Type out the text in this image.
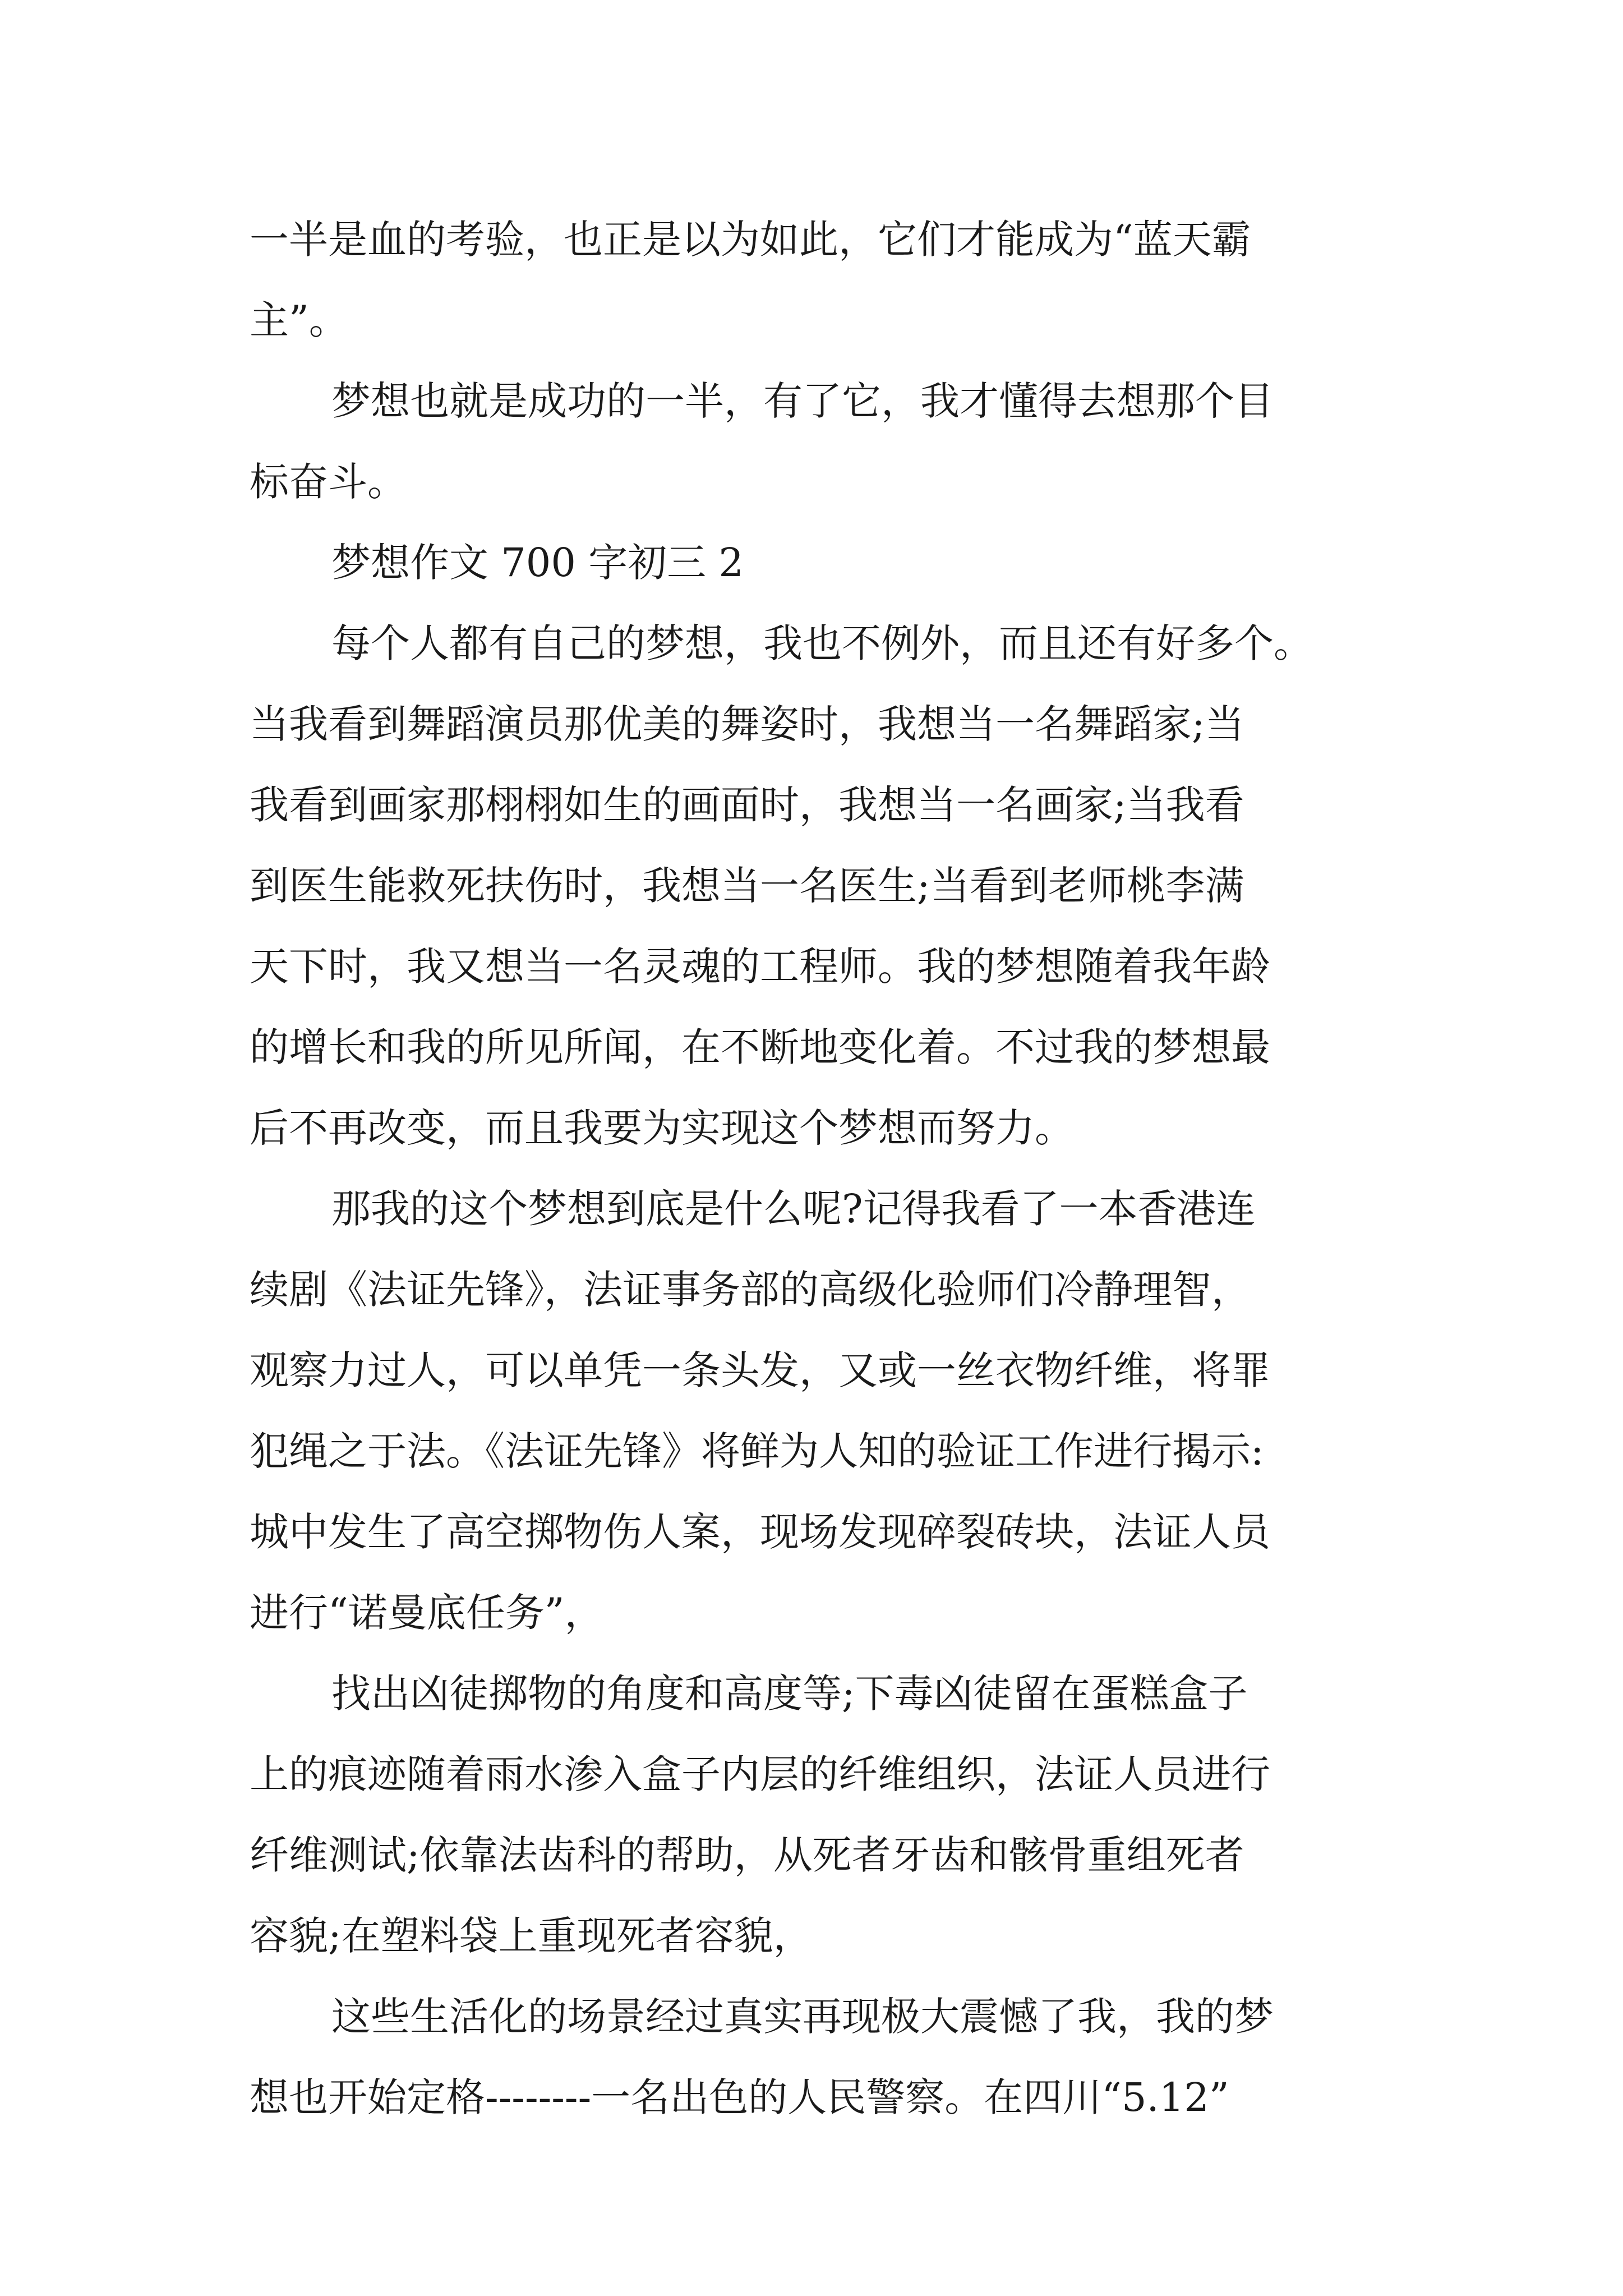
一半是血的考验，也正是以为如此，它们才能成为“蓝天霸
主”。

梦想也就是成功的一半，有了它，我才懂得去想那个目
标奋斗。

梦想作文 700 字初三 2

每个人都有自己的梦想，我也不例外，而且还有好多个。
当我看到舞蹈演员那优美的舞姿时，我想当一名舞蹈家;当
我看到画家那栩栩如生的画面时，我想当一名画家;当我看
到医生能救死扶伤时，我想当一名医生;当看到老师桃李满
天下时，我又想当一名灵魂的工程师。我的梦想随着我年龄
的增长和我的所见所闻，在不断地变化着。不过我的梦想最
后不再改变，而且我要为实现这个梦想而努力。

那我的这个梦想到底是什么呢?记得我看了一本香港连
续剧《法证先锋》，法证事务部的高级化验师们冷静理智，
观察力过人，可以单凭一条头发，又或一丝衣物纤维，将罪
犯绳之于法。《法证先锋》将鲜为人知的验证工作进行揭示:
城中发生了高空掷物伤人案，现场发现碎裂砖块，法证人员
进行“诺曼底任务”，

找出凶徒掷物的角度和高度等;下毒凶徒留在蛋糕盒子
上的痕迹随着雨水渗入盒子内层的纤维组织，法证人员进行
纤维测试;依靠法齿科的帮助，从死者牙齿和骸骨重组死者
容貌;在塑料袋上重现死者容貌，

这些生活化的场景经过真实再现极大震憾了我，我的梦
想也开始定格--------一名出色的人民警察。在四川“5.12”
